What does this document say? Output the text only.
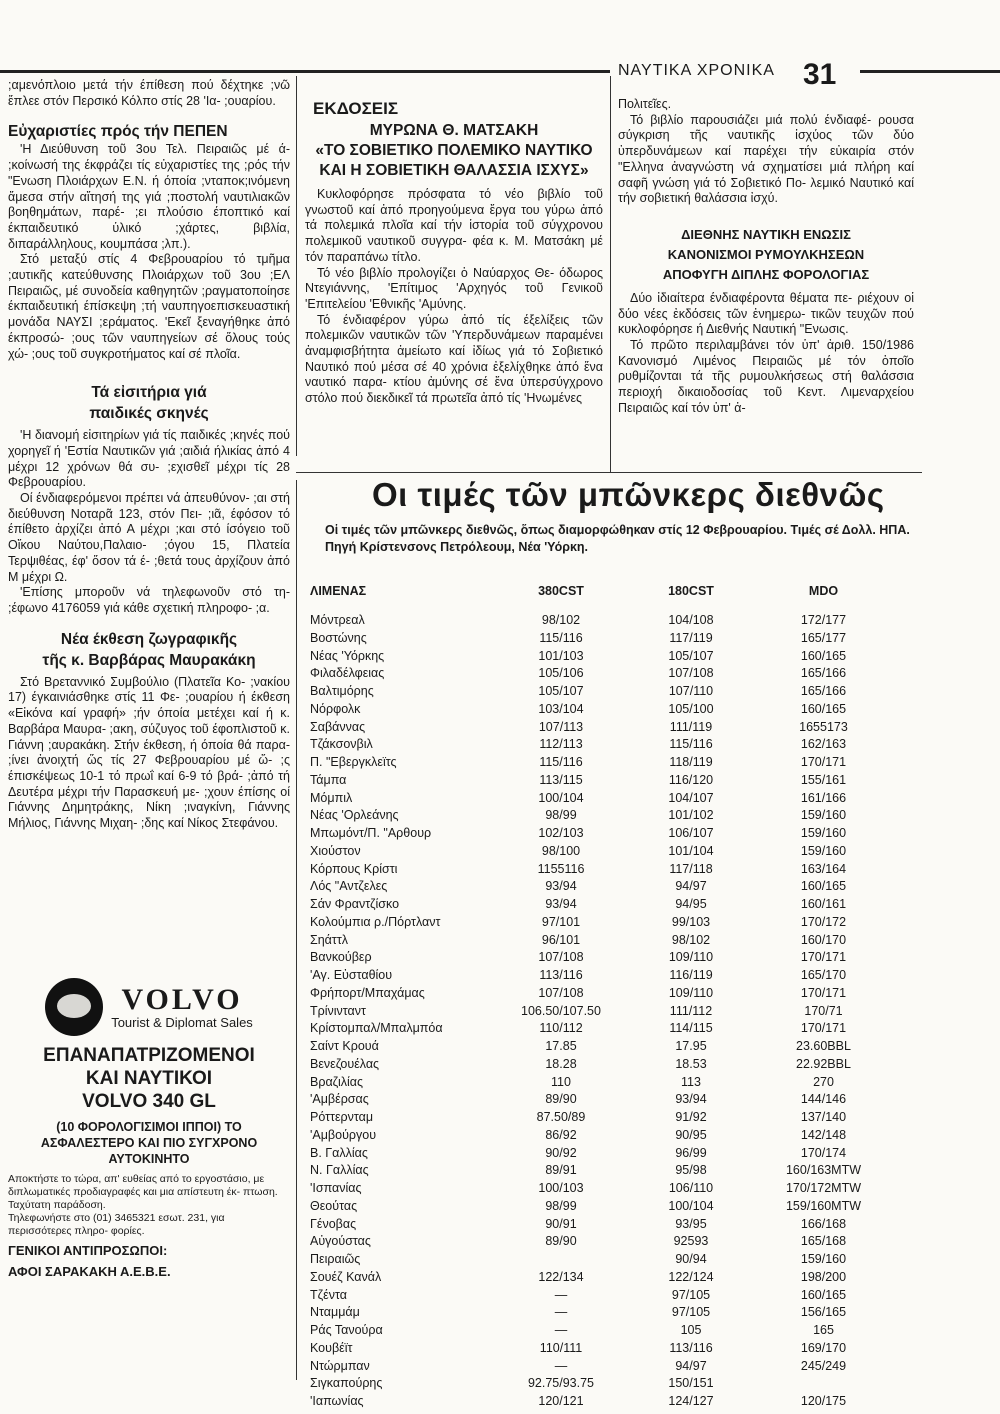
ΝΑΥΤΙΚΑ ΧΡΟΝΙΚΑ 31

;αμενόπλοιο μετά τήν έπίθεση πού δέχτηκε ;νῶ ἔπλεε στόν Περσικό Κόλπο στίς 28 'Ια- ;ουαρίου.

Εὐχαριστίες πρός τήν ΠΕΠΕΝ

'Η Διεύθυνση τοῦ 3ου Τελ. Πειραιῶς μέ ά- ;κοίνωσή της έκφράζει τίς εὐχαριστίες της ;ρός τήν "Ενωση Πλοιάρχων Ε.Ν. ή όποία ;νταποκ;ινόμενη ἄμεσα στήν αἴτησή της γιά ;ποστολή ναυτιλιακῶν βοηθημάτων, παρέ- ;ει πλούσιο έποπτικό καί έκπαιδευτικό ὑλικό ;χάρτες, βιβλία, διπαράλληλους, κουμπάσα ;λπ.).

Στό μεταξύ στίς 4 Φεβρουαρίου τό τμῆμα ;αυτικῆς κατεύθυνσης Πλοιάρχων τοῦ 3ου ;ΕΛ Πειραιῶς, μέ συνοδεία καθηγητῶν ;ραγματοποίησε έκπαιδευτική έπίσκεψη ;τή ναυπηγοεπισκευαστική μονάδα ΝΑΥΣΙ ;εράματος. 'Εκεῖ ξεναγήθηκε ἀπό έκπροσώ- ;ους τῶν ναυπηγείων σέ ὅλους τούς χώ- ;ους τοῦ συγκροτήματος καί σέ πλοῖα.

Τά εἰσιτήρια γιά
παιδικές σκηνές

'Η διανομή εἰσιτηρίων γιά τίς παιδικές ;κηνές πού χορηγεῖ ή 'Εστία Ναυτικῶν γιά ;αιδιά ήλικίας ἀπό 4 μέχρι 12 χρόνων θά συ- ;εχισθεῖ μέχρι τίς 28 Φεβρουαρίου.

Οί ένδιαφερόμενοι πρέπει νά ἀπευθύνον- ;αι στή διεύθυνση Νοταρᾶ 123, στόν Πει- ;ιᾶ, έφόσον τό έπίθετο ἀρχίζει ἀπό Α μέχρι ;και στό ίσόγειο τοῦ Οἴκου Ναύτου,Παλαιο- ;όγου 15, Πλατεία Τερψιθέας, έφ' ὅσον τά έ- ;θετά τους ἀρχίζουν ἀπό Μ μέχρι Ω.

'Επίσης μποροῦν νά τηλεφωνοῦν στό τη- ;έφωνο 4176059 γιά κάθε σχετική πληροφο- ;α.

Νέα έκθεση ζωγραφικῆς
τῆς κ. Βαρβάρας Μαυρακάκη

Στό Βρεταννικό Συμβούλιο (Πλατεῖα Κο- ;νακίου 17) έγκαινιάσθηκε στίς 11 Φε- ;ουαρίου ή έκθεση «Εἰκόνα καί γραφή» ;ήν όποία μετέχει καί ή κ. Βαρβάρα Μαυρα- ;ακη, σύζυγος τοῦ έφοπλιστοῦ κ. Γιάννη ;αυρακάκη. Στήν έκθεση, ή όποία θά παρα- ;ίνει ἀνοιχτή ὥς τίς 27 Φεβρουαρίου μέ ὥ- ;ς έπισκέψεως 10-1 τό πρωΐ καί 6-9 τό βρά- ;ἀπό τή Δευτέρα μέχρι τήν Παρασκευή με- ;χουν έπίσης οί Γιάννης Δημητράκης, Νίκη ;ιναγκίνη, Γιάννης Μήλιος, Γιάννης Μιχαη- ;δης καί Νίκος Στεφάνου.

VOLVO
Tourist & Diplomat Sales
ΕΠΑΝΑΠΑΤΡΙΖΟΜΕΝΟΙ
ΚΑΙ ΝΑΥΤΙΚΟΙ
VOLVO 340 GL
(10 ΦΟΡΟΛΟΓΙΣΙΜΟΙ ΙΠΠΟΙ) ΤΟ ΑΣΦΑΛΕΣΤΕΡΟ ΚΑΙ ΠΙΟ ΣΥΓΧΡΟΝΟ ΑΥΤΟΚΙΝΗΤΟ
Αποκτήστε το τώρα, απ' ευθείας από το εργοστάσιο, με διπλωματικές προδιαγραφές και μια απίστευτη έκ- πτωση.
Ταχύτατη παράδοση.
Τηλεφωνήστε στο (01) 3465321 εσωτ. 231, για περισσότερες πληρο- φορίες.
ΓΕΝΙΚΟΙ ΑΝΤΙΠΡΟΣΩΠΟΙ:
ΑΦΟΙ ΣΑΡΑΚΑΚΗ Α.Ε.Β.Ε.
ΕΚΔΟΣΕΙΣ
ΜΥΡΩΝΑ Θ. ΜΑΤΣΑΚΗ
«ΤΟ ΣΟΒΙΕΤΙΚΟ ΠΟΛΕΜΙΚΟ ΝΑΥΤΙΚΟ ΚΑΙ Η ΣΟΒΙΕΤΙΚΗ ΘΑΛΑΣΣΙΑ ΙΣΧΥΣ»

Κυκλοφόρησε πρόσφατα τό νέο βιβλίο τοῦ γνωστοῦ καί ἀπό προηγούμενα ἔργα του γύρω ἀπό τά πολεμικά πλοῖα καί τήν ἱστορία τοῦ σύγχρονου πολεμικοῦ ναυτικοῦ συγγρα- φέα κ. Μ. Ματσάκη μέ τόν παραπάνω τίτλο.

Τό νέο βιβλίο προλογίζει ὁ Ναύαρχος Θε- όδωρος Ντεγιάννης, 'Επίτιμος 'Αρχηγός τοῦ Γενικοῦ 'Επιτελείου 'Εθνικῆς 'Αμύνης.

Τό ένδιαφέρον γύρω ἀπό τίς έξελίξεις τῶν πολεμικῶν ναυτικῶν τῶν 'Υπερδυνάμεων παραμένει ἀναμφισβήτητα ἀμείωτο καί ἰδίως γιά τό Σοβιετικό Ναυτικό πού μέσα σέ 40 χρόνια ἐξελίχθηκε ἀπό ἕνα ναυτικό παρα- κτίου ἀμύνης σέ ἕνα ὑπερσύγχρονο στόλο πού διεκδικεῖ τά πρωτεῖα ἀπό τίς 'Ηνωμένες

Πολιτεῖες.

Τό βιβλίο παρουσιάζει μιά πολύ ένδιαφέ- ρουσα σύγκριση τῆς ναυτικῆς ἰσχύος τῶν δύο ὑπερδυνάμεων καί παρέχει τήν εὐκαιρία στόν "Ελληνα ἀναγνώστη νά σχηματίσει μιά πλήρη καί σαφῆ γνώση γιά τό Σοβιετικό Πο- λεμικό Ναυτικό καί τήν σοβιετική θαλάσσια ἰσχύ.

ΔΙΕΘΝΗΣ ΝΑΥΤΙΚΗ ΕΝΩΣΙΣ
ΚΑΝΟΝΙΣΜΟΙ ΡΥΜΟΥΛΚΗΣΕΩΝ
ΑΠΟΦΥΓΗ ΔΙΠΛΗΣ ΦΟΡΟΛΟΓΙΑΣ

Δύο ἰδιαίτερα ένδιαφέροντα θέματα πε- ριέχουν οἱ δύο νέες ἐκδόσεις τῶν ἐνημερω- τικῶν τευχῶν πού κυκλοφόρησε ή Διεθνής Ναυτική "Ενωσις.

Τό πρῶτο περιλαμβάνει τόν ὑπ' ἀριθ. 150/1986 Κανονισμό Λιμένος Πειραιῶς μέ τόν ὁποῖο ρυθμίζονται τά τῆς ρυμουλκήσεως στή θαλάσσια περιοχή δικαιοδοσίας τοῦ Κεντ. Λιμεναρχείου Πειραιῶς καί τόν ὑπ' ἀ-

Οι τιμές τῶν μπῶνκερς διεθνῶς
Οἱ τιμές τῶν μπῶνκερς διεθνῶς, ὅπως διαμορφώθηκαν στίς 12 Φεβρουαρίου. Τιμές σέ Δολλ. ΗΠΑ. Πηγή Κρίστενσονς Πετρόλεουμ, Νέα 'Υόρκη.
ΛΙΜΕΝΑΣ	380CST	180CST	MDO
Μόντρεαλ	98/102	104/108	172/177
Βοστώνης	115/116	117/119	165/177
Νέας 'Υόρκης	101/103	105/107	160/165
Φιλαδέλφειας	105/106	107/108	165/166
Βαλτιμόρης	105/107	107/110	165/166
Νόρφολκ	103/104	105/100	160/165
Σαβάννας	107/113	111/119	1655173
Τζάκσονβιλ	112/113	115/116	162/163
Π. "Εβεργκλεϊτς	115/116	118/119	170/171
Τάμπα	113/115	116/120	155/161
Μόμπιλ	100/104	104/107	161/166
Νέας 'Ορλεάνης	98/99	101/102	159/160
Μπωμόντ/Π. "Αρθουρ	102/103	106/107	159/160
Χιούστον	98/100	101/104	159/160
Κόρπους Κρίστι	1155116	117/118	163/164
Λός "Αντζελες	93/94	94/97	160/165
Σάν Φραντζίσκο	93/94	94/95	160/161
Κολούμπια ρ./Πόρτλαντ	97/101	99/103	170/172
Σηάττλ	96/101	98/102	160/170
Βανκούβερ	107/108	109/110	170/171
'Αγ. Εὐσταθίου	113/116	116/119	165/170
Φρήπορτ/Μπαχάμας	107/108	109/110	170/171
Τρίνινταντ	106.50/107.50	111/112	170/71
Κρίστομπαλ/Μπαλμπόα	110/112	114/115	170/171
Σαίντ Κρουά	17.85	17.95	23.60BBL
Βενεζουέλας	18.28	18.53	22.92BBL
Βραζιλίας	110	113	270
'Αμβέρσας	89/90	93/94	144/146
Ρόττερνταμ	87.50/89	91/92	137/140
'Αμβούργου	86/92	90/95	142/148
Β. Γαλλίας	90/92	96/99	170/174
Ν. Γαλλίας	89/91	95/98	160/163MTW
'Ισπανίας	100/103	106/110	170/172MTW
Θεούτας	98/99	100/104	159/160MTW
Γένοβας	90/91	93/95	166/168
Αὐγούστας	89/90	92593	165/168
Πειραιῶς		90/94	159/160
Σουέζ Κανάλ	122/134	122/124	198/200
Τζέντα	—	97/105	160/165
Νταμμάμ	—	97/105	156/165
Ράς Τανούρα	—	105	165
Κουβέϊτ	110/111	113/116	169/170
Ντώρμπαν	—	94/97	245/249
Σιγκαπούρης	92.75/93.75	150/151	
'Ιαπωνίας	120/121	124/127	120/175
